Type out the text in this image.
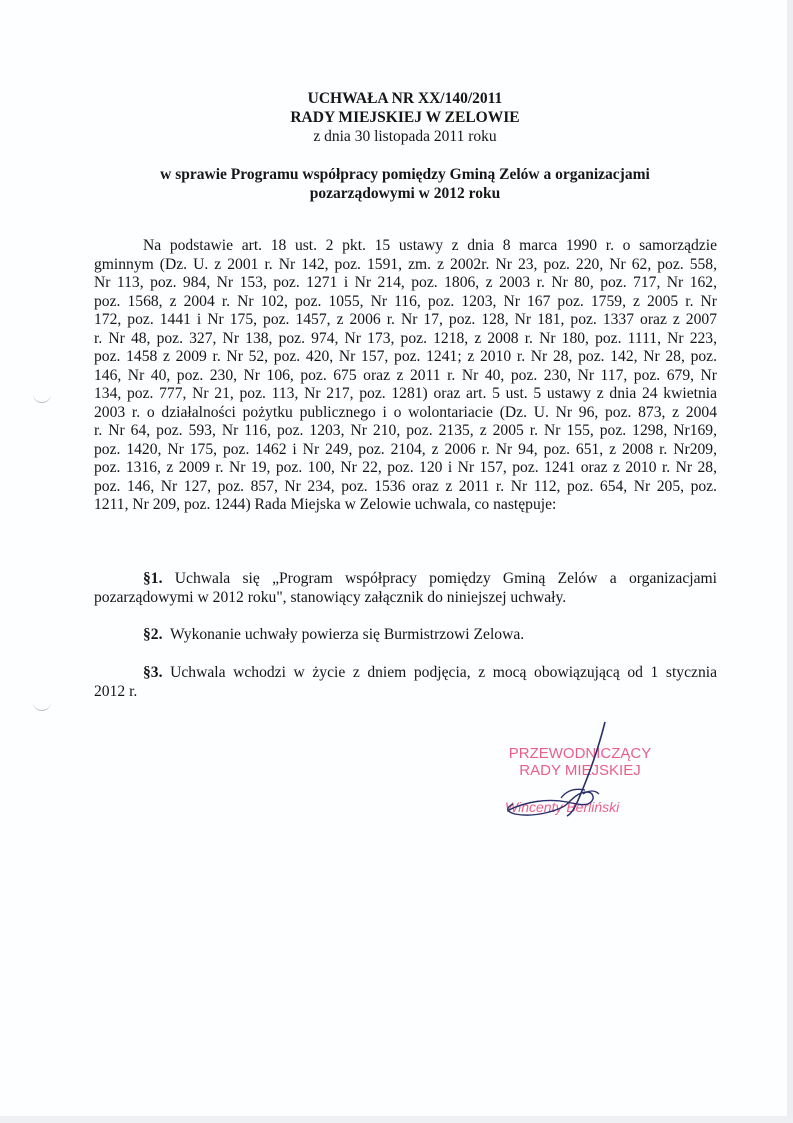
UCHWAŁA NR XX/140/2011
RADY MIEJSKIEJ W ZELOWIE
z dnia 30 listopada 2011 roku
w sprawie Programu współpracy pomiędzy Gminą Zelów a organizacjami
pozarządowymi w 2012 roku
Na podstawie art. 18 ust. 2 pkt. 15 ustawy z dnia 8 marca 1990 r. o samorządzie
gminnym (Dz. U. z 2001 r. Nr 142, poz. 1591, zm. z 2002r. Nr 23, poz. 220, Nr 62, poz. 558,
Nr 113, poz. 984, Nr 153, poz. 1271 i Nr 214, poz. 1806, z 2003 r. Nr 80, poz. 717, Nr 162,
poz. 1568, z 2004 r. Nr 102, poz. 1055, Nr 116, poz. 1203, Nr 167 poz. 1759, z 2005 r. Nr
172, poz. 1441 i Nr 175, poz. 1457, z 2006 r. Nr 17, poz. 128, Nr 181, poz. 1337 oraz z 2007
r. Nr 48, poz. 327, Nr 138, poz. 974, Nr 173, poz. 1218, z 2008 r. Nr 180, poz. 1111, Nr 223,
poz. 1458 z 2009 r. Nr 52, poz. 420, Nr 157, poz. 1241; z 2010 r. Nr 28, poz. 142, Nr 28, poz.
146, Nr 40, poz. 230, Nr 106, poz. 675 oraz z 2011 r. Nr 40, poz. 230, Nr 117, poz. 679, Nr
134, poz. 777, Nr 21, poz. 113, Nr 217, poz. 1281) oraz art. 5 ust. 5 ustawy z dnia 24 kwietnia
2003 r. o działalności pożytku publicznego i o wolontariacie (Dz. U. Nr 96, poz. 873, z 2004
r. Nr 64, poz. 593, Nr 116, poz. 1203, Nr 210, poz. 2135, z 2005 r. Nr 155, poz. 1298, Nr169,
poz. 1420, Nr 175, poz. 1462 i Nr 249, poz. 2104, z 2006 r. Nr 94, poz. 651, z 2008 r. Nr209,
poz. 1316, z 2009 r. Nr 19, poz. 100, Nr 22, poz. 120 i Nr 157, poz. 1241 oraz z 2010 r. Nr 28,
poz. 146, Nr 127, poz. 857, Nr 234, poz. 1536 oraz z 2011 r. Nr 112, poz. 654, Nr 205, poz.
1211, Nr 209, poz. 1244) Rada Miejska w Zelowie uchwala, co następuje:
§1. Uchwala się „Program współpracy pomiędzy Gminą Zelów a organizacjami
pozarządowymi w 2012 roku", stanowiący załącznik do niniejszej uchwały.
§2. Wykonanie uchwały powierza się Burmistrzowi Zelowa.
§3. Uchwala wchodzi w życie z dniem podjęcia, z mocą obowiązującą od 1 stycznia
2012 r.
PRZEWODNICZĄCY
RADY MIEJSKIEJ
Wincenty Berliński
